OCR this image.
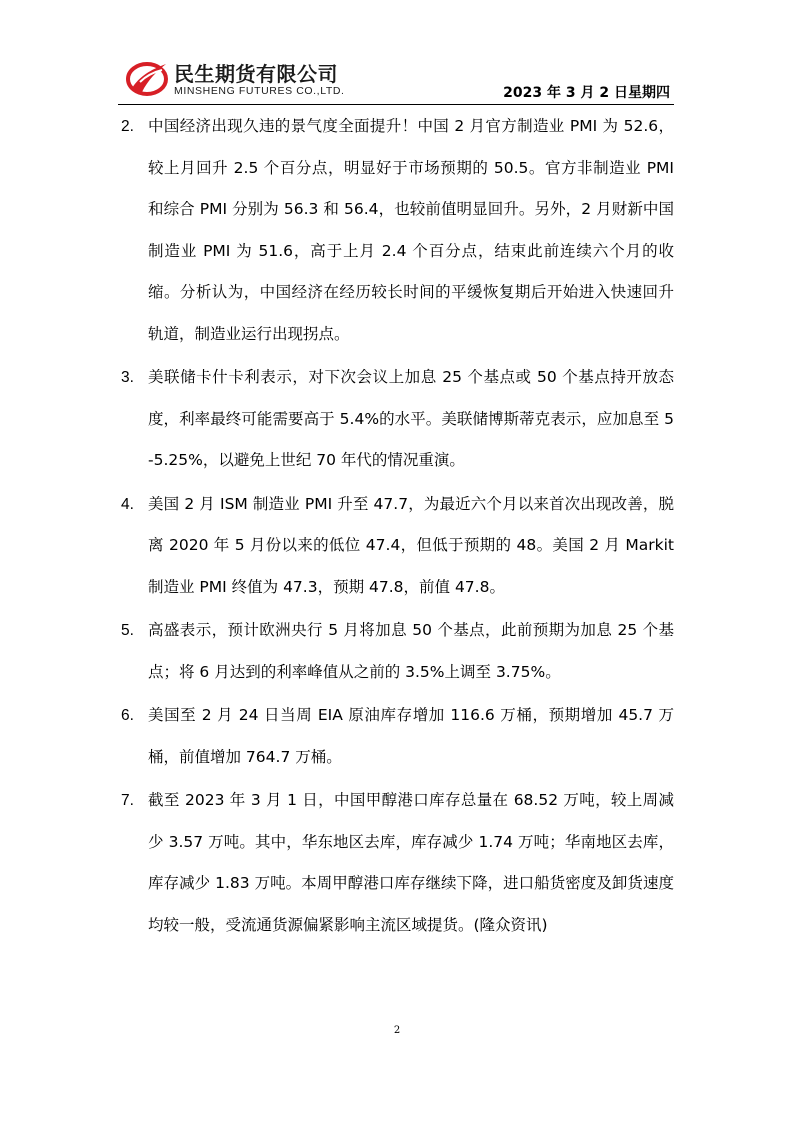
民生期货有限公司
MINSHENG FUTURES CO.,LTD.	2023 年 3 月 2 日星期四
2. 中国经济出现久违的景气度全面提升！中国 2 月官方制造业 PMI 为 52.6，较上月回升 2.5 个百分点，明显好于市场预期的 50.5。官方非制造业 PMI 和综合 PMI 分别为 56.3 和 56.4，也较前值明显回升。另外，2 月财新中国制造业 PMI 为 51.6，高于上月 2.4 个百分点，结束此前连续六个月的收缩。分析认为，中国经济在经历较长时间的平缓恢复期后开始进入快速回升轨道，制造业运行出现拐点。
3. 美联储卡什卡利表示，对下次会议上加息 25 个基点或 50 个基点持开放态度，利率最终可能需要高于 5.4%的水平。美联储博斯蒂克表示，应加息至 5-5.25%，以避免上世纪 70 年代的情况重演。
4. 美国 2 月 ISM 制造业 PMI 升至 47.7，为最近六个月以来首次出现改善，脱离 2020 年 5 月份以来的低位 47.4，但低于预期的 48。美国 2 月 Markit 制造业 PMI 终值为 47.3，预期 47.8，前值 47.8。
5. 高盛表示，预计欧洲央行 5 月将加息 50 个基点，此前预期为加息 25 个基点；将 6 月达到的利率峰值从之前的 3.5%上调至 3.75%。
6. 美国至 2 月 24 日当周 EIA 原油库存增加 116.6 万桶，预期增加 45.7 万桶，前值增加 764.7 万桶。
7. 截至 2023 年 3 月 1 日，中国甲醇港口库存总量在 68.52 万吨，较上周减少 3.57 万吨。其中，华东地区去库，库存减少 1.74 万吨；华南地区去库，库存减少 1.83 万吨。本周甲醇港口库存继续下降，进口船货密度及卸货速度均较一般，受流通货源偏紧影响主流区域提货。(隆众资讯)
2
